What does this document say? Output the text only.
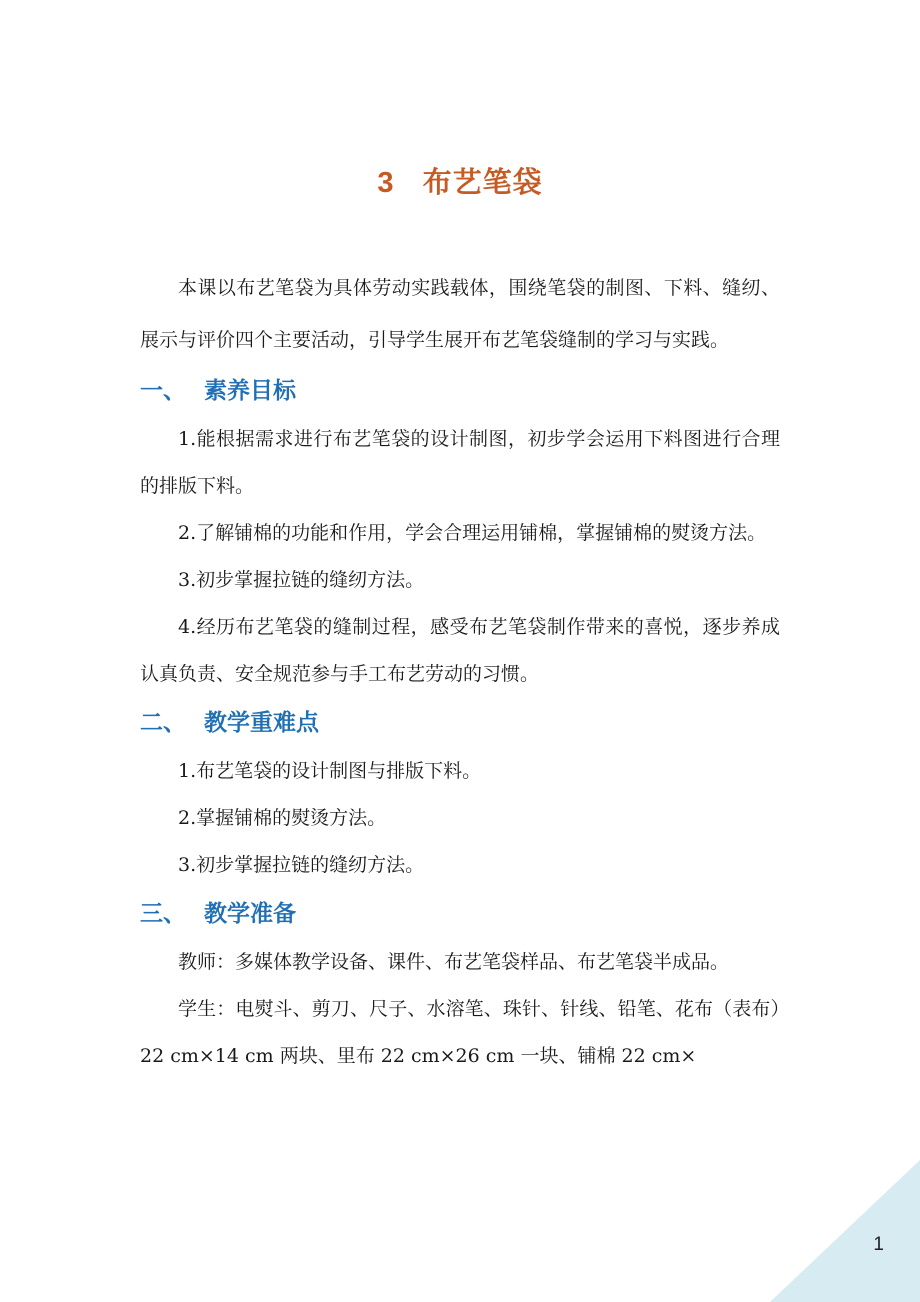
3 布艺笔袋

本课以布艺笔袋为具体劳动实践载体，围绕笔袋的制图、下料、缝纫、展示与评价四个主要活动，引导学生展开布艺笔袋缝制的学习与实践。

一、 素养目标

1.能根据需求进行布艺笔袋的设计制图，初步学会运用下料图进行合理的排版下料。

2.了解铺棉的功能和作用，学会合理运用铺棉，掌握铺棉的熨烫方法。

3.初步掌握拉链的缝纫方法。

4.经历布艺笔袋的缝制过程，感受布艺笔袋制作带来的喜悦，逐步养成认真负责、安全规范参与手工布艺劳动的习惯。

二、 教学重难点

1.布艺笔袋的设计制图与排版下料。

2.掌握铺棉的熨烫方法。

3.初步掌握拉链的缝纫方法。

三、 教学准备

教师：多媒体教学设备、课件、布艺笔袋样品、布艺笔袋半成品。

学生：电熨斗、剪刀、尺子、水溶笔、珠针、针线、铅笔、花布（表布）22 cm×14 cm 两块、里布 22 cm×26 cm 一块、铺棉 22 cm×

1
